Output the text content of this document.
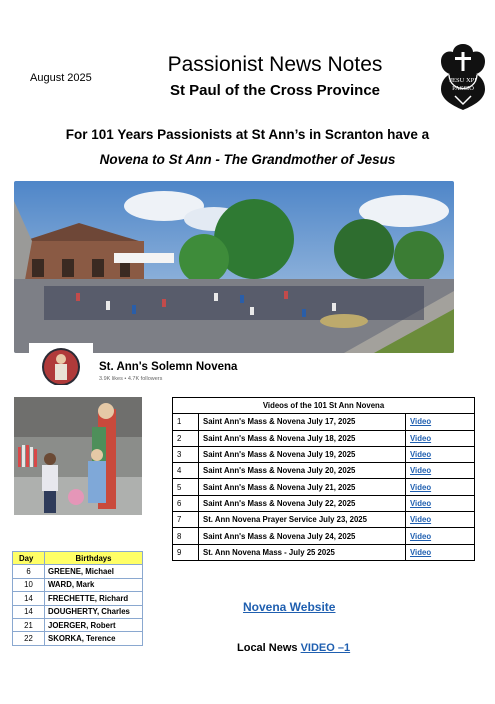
August 2025
Passionist News Notes
St Paul of the Cross Province
JESU XPI
PASSIO
For 101 Years Passionists at St Ann’s in Scranton have a
Novena to St Ann - The Grandmother of Jesus
St. Ann's Solemn Novena
3.9K likes • 4.7K followers
Videos of the 101 St Ann Novena		
1	Saint Ann's Mass & Novena July 17, 2025	Video
2	Saint Ann's Mass & Novena July 18, 2025	Video
3	Saint Ann's Mass & Novena July 19, 2025	Video
4	Saint Ann's Mass & Novena July 20, 2025	Video
5	Saint Ann's Mass & Novena July 21, 2025	Video
6	Saint Ann's Mass & Novena July 22, 2025	Video
7	St. Ann Novena Prayer Service July 23, 2025	Video
8	Saint Ann's Mass & Novena July 24, 2025	Video
9	St. Ann Novena Mass - July 25 2025	Video
Day	Birthdays
6	GREENE, Michael
10	WARD, Mark
14	FRECHETTE, Richard
14	DOUGHERTY, Charles
21	JOERGER, Robert
22	SKORKA, Terence
Novena Website
Local News VIDEO –1
